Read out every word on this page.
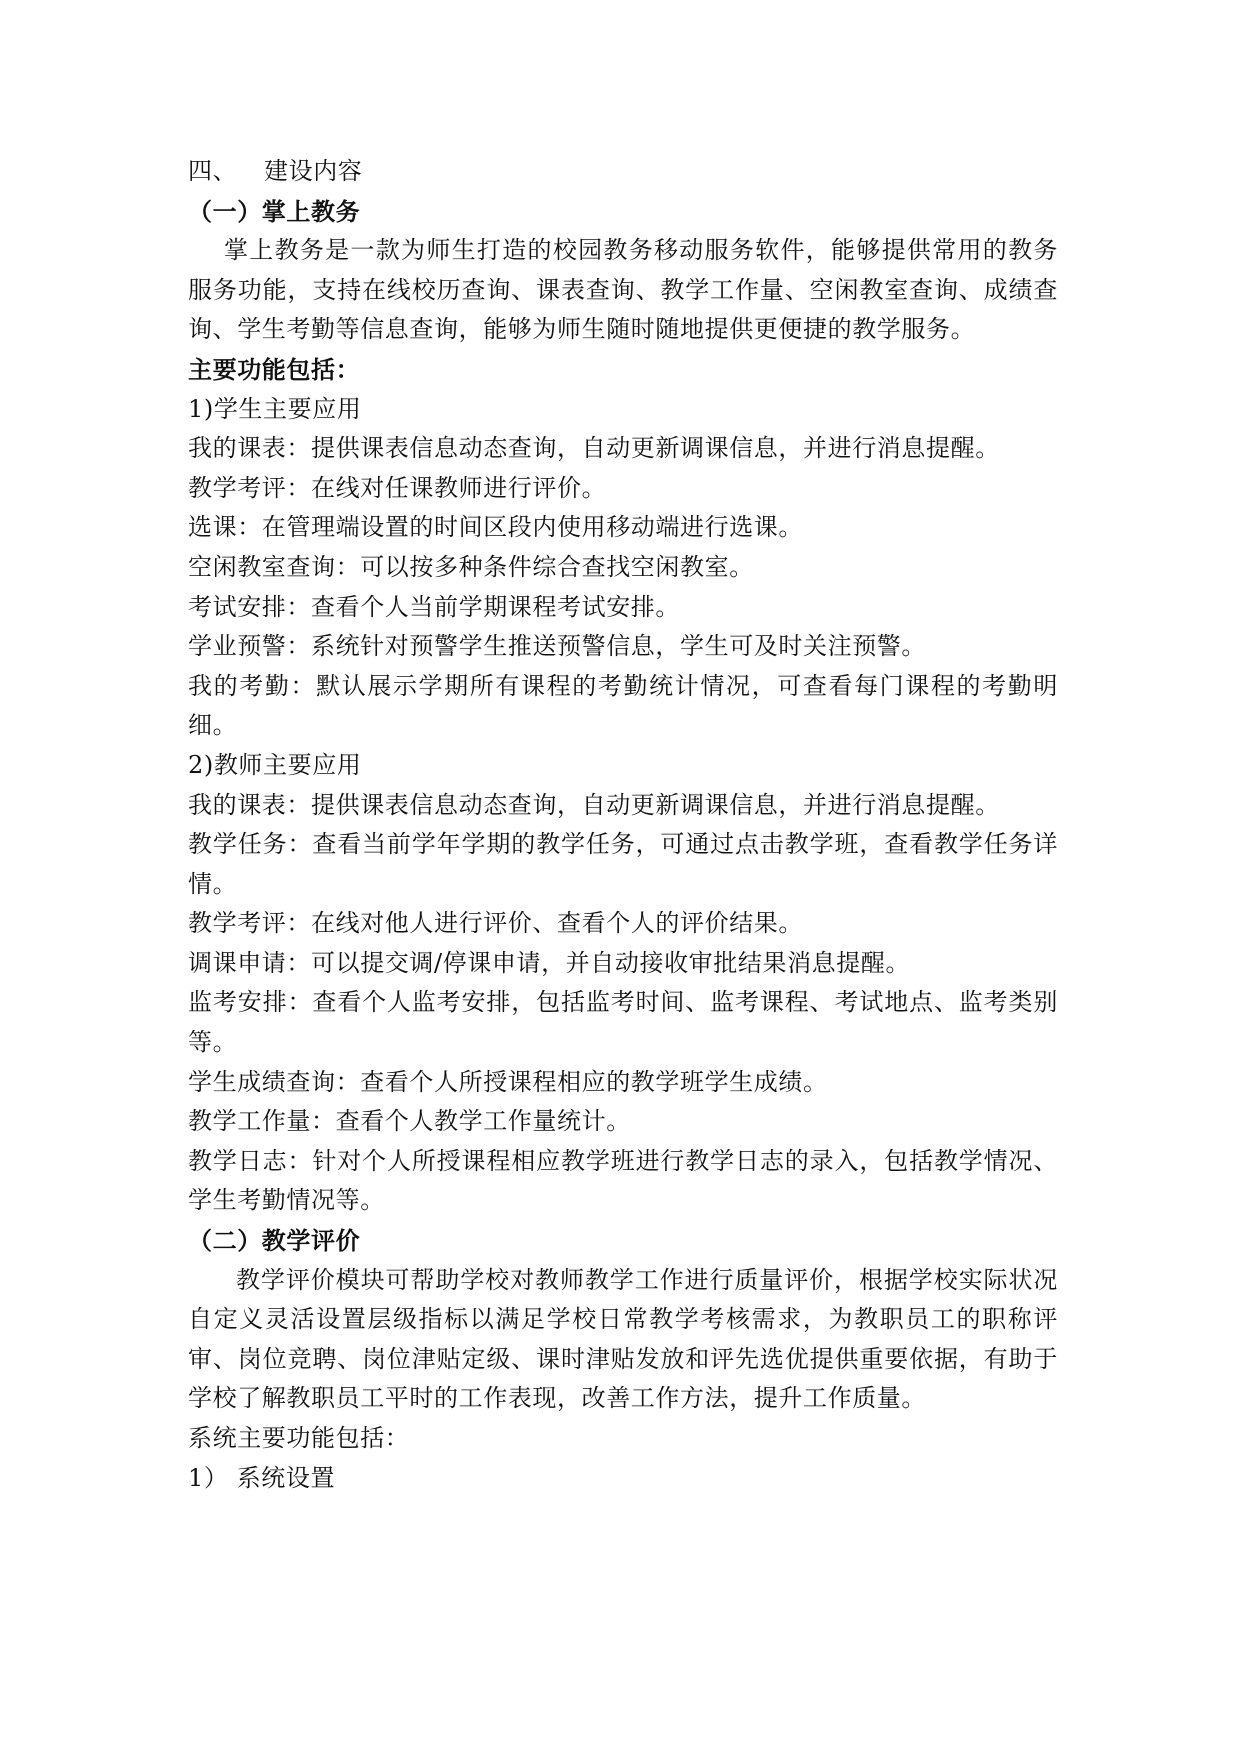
四、 建设内容
（一）掌上教务
掌上教务是一款为师生打造的校园教务移动服务软件，能够提供常用的教务服务功能，支持在线校历查询、课表查询、教学工作量、空闲教室查询、成绩查询、学生考勤等信息查询，能够为师生随时随地提供更便捷的教学服务。
主要功能包括：
1)学生主要应用
我的课表：提供课表信息动态查询，自动更新调课信息，并进行消息提醒。
教学考评：在线对任课教师进行评价。
选课：在管理端设置的时间区段内使用移动端进行选课。
空闲教室查询：可以按多种条件综合查找空闲教室。
考试安排：查看个人当前学期课程考试安排。
学业预警：系统针对预警学生推送预警信息，学生可及时关注预警。
我的考勤：默认展示学期所有课程的考勤统计情况，可查看每门课程的考勤明细。
2)教师主要应用
我的课表：提供课表信息动态查询，自动更新调课信息，并进行消息提醒。
教学任务：查看当前学年学期的教学任务，可通过点击教学班，查看教学任务详情。
教学考评：在线对他人进行评价、查看个人的评价结果。
调课申请：可以提交调/停课申请，并自动接收审批结果消息提醒。
监考安排：查看个人监考安排，包括监考时间、监考课程、考试地点、监考类别等。
学生成绩查询：查看个人所授课程相应的教学班学生成绩。
教学工作量：查看个人教学工作量统计。
教学日志：针对个人所授课程相应教学班进行教学日志的录入，包括教学情况、学生考勤情况等。
（二）教学评价
教学评价模块可帮助学校对教师教学工作进行质量评价，根据学校实际状况自定义灵活设置层级指标以满足学校日常教学考核需求，为教职员工的职称评审、岗位竞聘、岗位津贴定级、课时津贴发放和评先选优提供重要依据，有助于学校了解教职员工平时的工作表现，改善工作方法，提升工作质量。
系统主要功能包括：
1） 系统设置
